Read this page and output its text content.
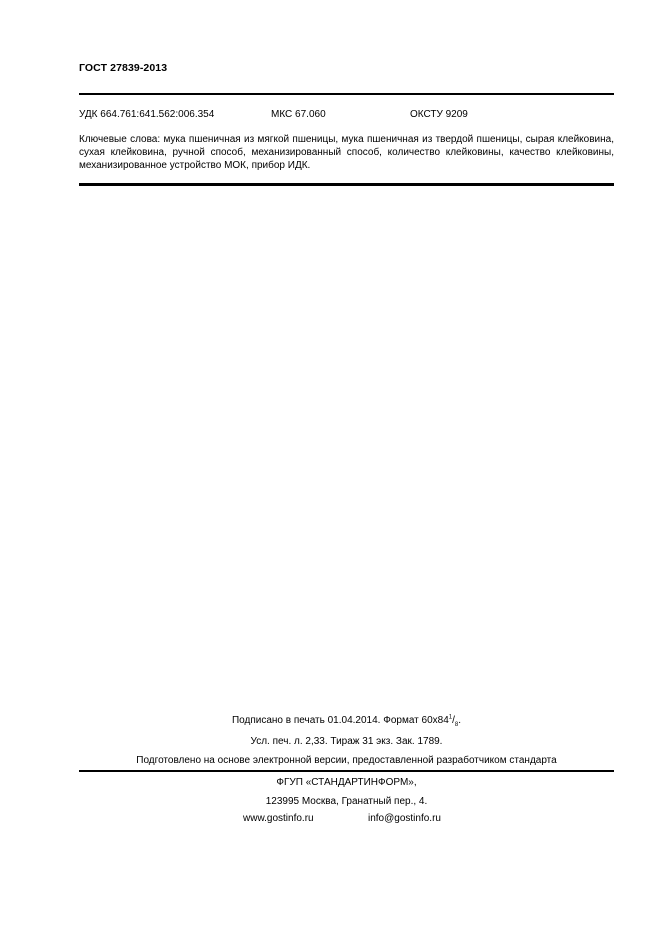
ГОСТ 27839-2013
УДК 664.761:641.562:006.354	МКС 67.060	ОКСТУ 9209
Ключевые слова: мука пшеничная из мягкой пшеницы, мука пшеничная из твердой пшеницы, сырая клейковина, сухая клейковина, ручной способ, механизированный способ, количество клейковины, качество клейковины, механизированное устройство МОК, прибор ИДК.
Подписано в печать 01.04.2014. Формат $60x84^1/_8$.
Усл. печ. л. 2,33. Тираж 31 экз. Зак. 1789.
Подготовлено на основе электронной версии, предоставленной разработчиком стандарта
ФГУП «СТАНДАРТИНФОРМ»,
123995 Москва, Гранатный пер., 4.
www.gostinfo.ru	info@gostinfo.ru
